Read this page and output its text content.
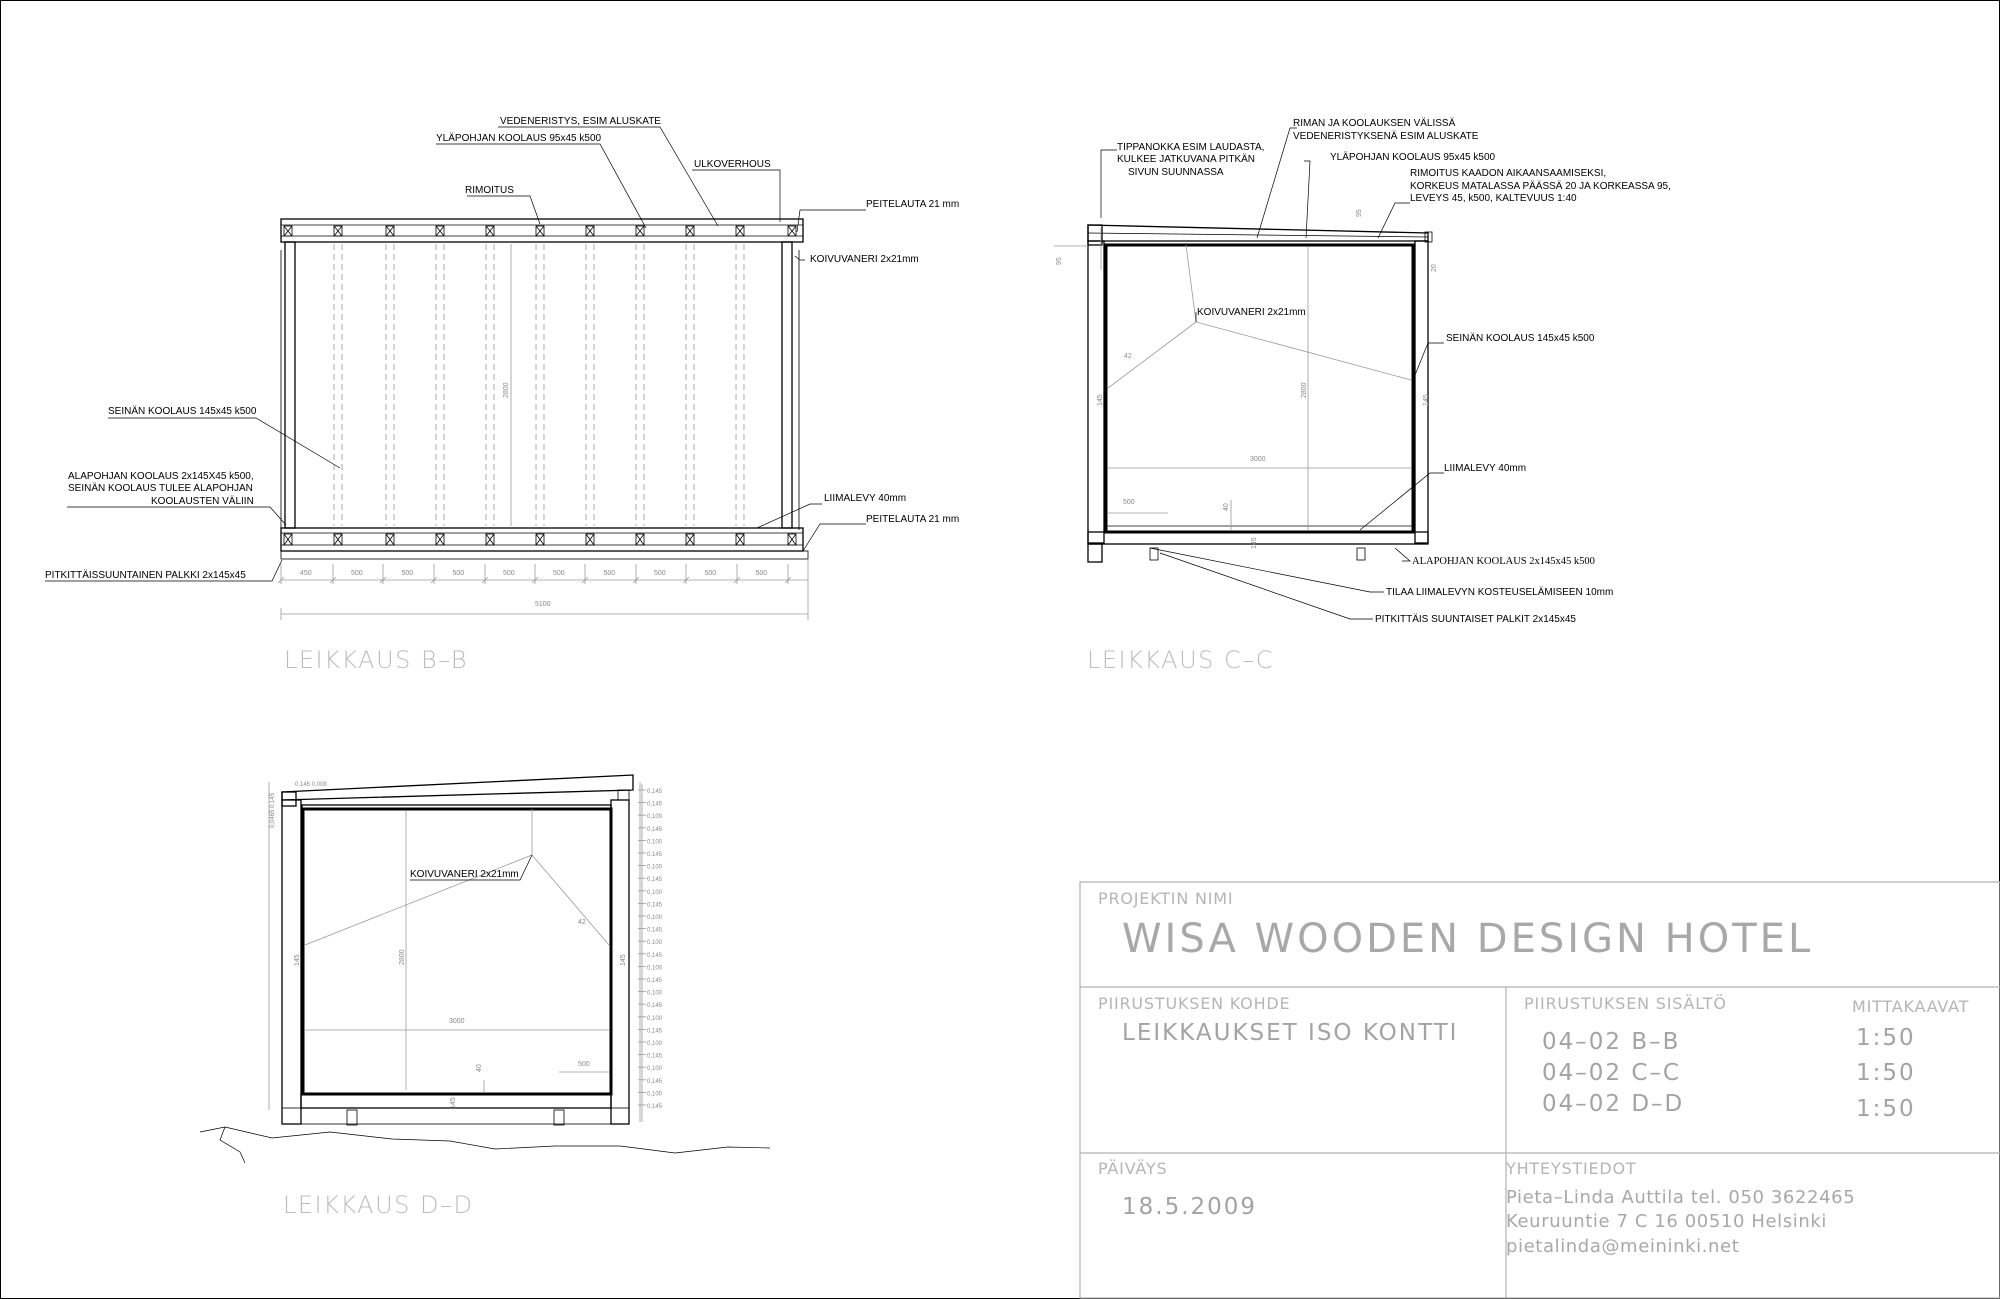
2800
450	500	500	500	500	500	500	500	500	500
5100
VEDENERISTYS, ESIM ALUSKATE
YLÄPOHJAN KOOLAUS 95x45 k500
ULKOVERHOUS
RIMOITUS
PEITELAUTA 21 mm
KOIVUVANERI 2x21mm
SEINÄN KOOLAUS 145x45 k500
ALAPOHJAN KOOLAUS 2x145X45 k500,
SEINÄN KOOLAUS TULEE ALAPOHJAN
KOOLAUSTEN VÄLIIN	LIIMALEVY 40mm
PEITELAUTA 21 mm
PITKITTÄISSUUNTAINEN PALKKI 2x145x45
LEIKKAUS B–B
95
95
20
2800
3000
42
145	145
500
40
145
TIPPANOKKA ESIM LAUDASTA,
KULKEE JATKUVANA PITKÄN
SIVUN SUUNNASSA
RIMAN JA KOOLAUKSEN VÄLISSÄ
VEDENERISTYKSENÄ ESIM ALUSKATE
YLÄPOHJAN KOOLAUS 95x45 k500
RIMOITUS KAADON AIKAANSAAMISEKSI,
KORKEUS MATALASSA PÄÄSSÄ 20 JA KORKEASSA 95,
LEVEYS 45, k500, KALTEVUUS 1:40
KOIVUVANERI 2x21mm
SEINÄN KOOLAUS 145x45 k500
LIIMALEVY 40mm
ALAPOHJAN KOOLAUS 2x145x45 k500
TILAA LIIMALEVYN KOSTEUSELÄMISEEN 10mm
PITKITTÄIS SUUNTAISET PALKIT 2x145x45
LEIKKAUS C–C
2800
3000
42
500
40
145
145	145
0,145 0,008
0,0465 0,145
0,145
0,145
0,100
0,145
0,100
0,145
0,100
0,145
0,100
0,145
0,100
0,145
0,100
0,145
0,100
0,145
0,100
0,145
0,100
0,145
0,100
0,145
0,100
0,145
0,100
0,145
KOIVUVANERI 2x21mm
LEIKKAUS D–D
PROJEKTIN NIMI
WISA WOODEN DESIGN HOTEL
PIIRUSTUKSEN KOHDE
LEIKKAUKSET ISO KONTTI
PIIRUSTUKSEN SISÄLTÖ
04–02 B–B
04–02 C–C
04–02 D–D
MITTAKAAVAT
1:50
1:50
1:50
PÄIVÄYS
18.5.2009
YHTEYSTIEDOT
Pieta–Linda Auttila tel. 050 3622465
Keuruuntie 7 C 16 00510 Helsinki
pietalinda@meininki.net
